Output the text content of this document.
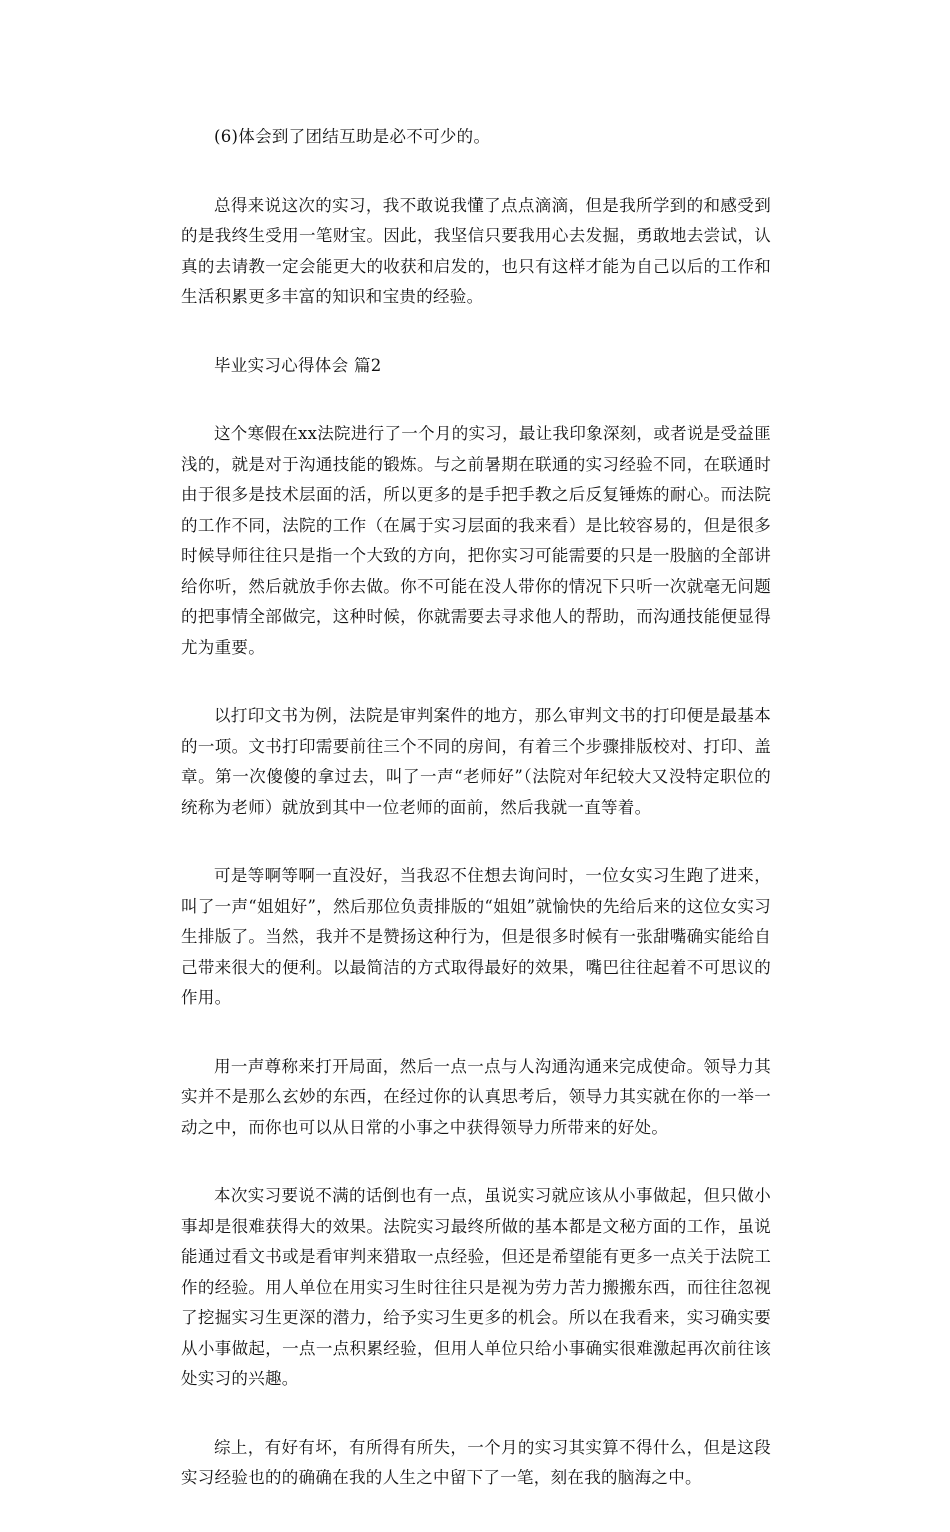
(6)体会到了团结互助是必不可少的。

总得来说这次的实习，我不敢说我懂了点点滴滴，但是我所学到的和感受到的是我终生受用一笔财宝。因此，我坚信只要我用心去发掘，勇敢地去尝试，认真的去请教一定会能更大的收获和启发的，也只有这样才能为自己以后的工作和生活积累更多丰富的知识和宝贵的经验。

毕业实习心得体会 篇2

这个寒假在xx法院进行了一个月的实习，最让我印象深刻，或者说是受益匪浅的，就是对于沟通技能的锻炼。与之前暑期在联通的实习经验不同，在联通时由于很多是技术层面的活，所以更多的是手把手教之后反复锤炼的耐心。而法院的工作不同，法院的工作（在属于实习层面的我来看）是比较容易的，但是很多时候导师往往只是指一个大致的方向，把你实习可能需要的只是一股脑的全部讲给你听，然后就放手你去做。你不可能在没人带你的情况下只听一次就毫无问题的把事情全部做完，这种时候，你就需要去寻求他人的帮助，而沟通技能便显得尤为重要。

以打印文书为例，法院是审判案件的地方，那么审判文书的打印便是最基本的一项。文书打印需要前往三个不同的房间，有着三个步骤排版校对、打印、盖章。第一次傻傻的拿过去，叫了一声“老师好”（法院对年纪较大又没特定职位的统称为老师）就放到其中一位老师的面前，然后我就一直等着。

可是等啊等啊一直没好，当我忍不住想去询问时，一位女实习生跑了进来，叫了一声“姐姐好”，然后那位负责排版的“姐姐”就愉快的先给后来的这位女实习生排版了。当然，我并不是赞扬这种行为，但是很多时候有一张甜嘴确实能给自己带来很大的便利。以最简洁的方式取得最好的效果，嘴巴往往起着不可思议的作用。

用一声尊称来打开局面，然后一点一点与人沟通沟通来完成使命。领导力其实并不是那么玄妙的东西，在经过你的认真思考后，领导力其实就在你的一举一动之中，而你也可以从日常的小事之中获得领导力所带来的好处。

本次实习要说不满的话倒也有一点，虽说实习就应该从小事做起，但只做小事却是很难获得大的效果。法院实习最终所做的基本都是文秘方面的工作，虽说能通过看文书或是看审判来猎取一点经验，但还是希望能有更多一点关于法院工作的经验。用人单位在用实习生时往往只是视为劳力苦力搬搬东西，而往往忽视了挖掘实习生更深的潜力，给予实习生更多的机会。所以在我看来，实习确实要从小事做起，一点一点积累经验，但用人单位只给小事确实很难激起再次前往该处实习的兴趣。

综上，有好有坏，有所得有所失，一个月的实习其实算不得什么，但是这段实习经验也的的确确在我的人生之中留下了一笔，刻在我的脑海之中。
